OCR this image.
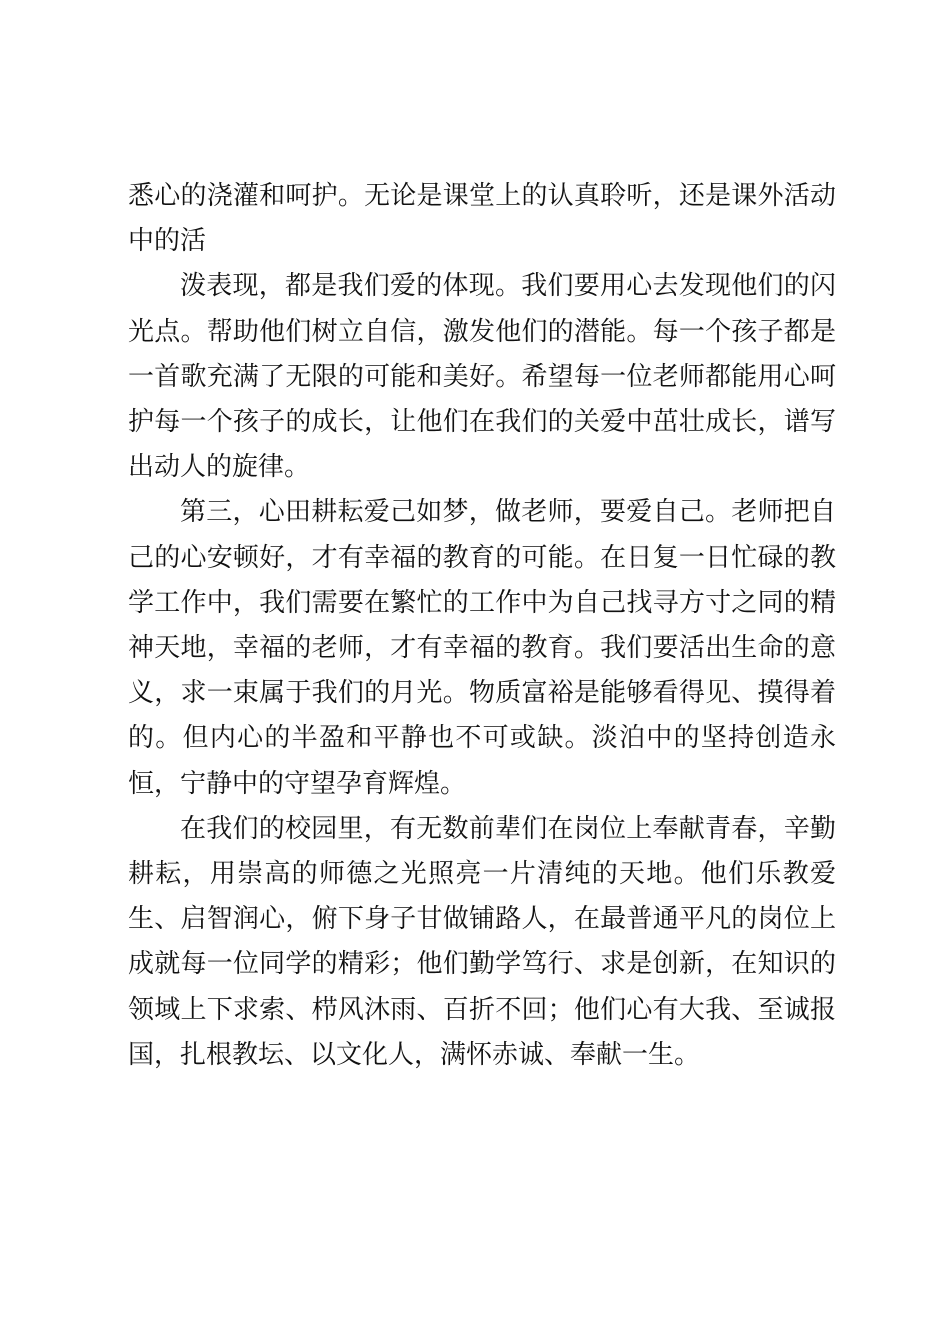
悉心的浇灌和呵护。无论是课堂上的认真聆听，还是课外活动中的活

泼表现，都是我们爱的体现。我们要用心去发现他们的闪光点。帮助他们树立自信，激发他们的潜能。每一个孩子都是一首歌充满了无限的可能和美好。希望每一位老师都能用心呵护每一个孩子的成长，让他们在我们的关爱中茁壮成长，谱写出动人的旋律。

第三，心田耕耘爱己如梦，做老师，要爱自己。老师把自己的心安顿好，才有幸福的教育的可能。在日复一日忙碌的教学工作中，我们需要在繁忙的工作中为自己找寻方寸之同的精神天地，幸福的老师，才有幸福的教育。我们要活出生命的意义，求一束属于我们的月光。物质富裕是能够看得见、摸得着的。但内心的半盈和平静也不可或缺。淡泊中的坚持创造永恒，宁静中的守望孕育辉煌。

在我们的校园里，有无数前辈们在岗位上奉献青春，辛勤耕耘，用崇高的师德之光照亮一片清纯的天地。他们乐教爱生、启智润心，俯下身子甘做铺路人，在最普通平凡的岗位上成就每一位同学的精彩；他们勤学笃行、求是创新，在知识的领域上下求索、栉风沐雨、百折不回；他们心有大我、至诚报国，扎根教坛、以文化人，满怀赤诚、奉献一生。
